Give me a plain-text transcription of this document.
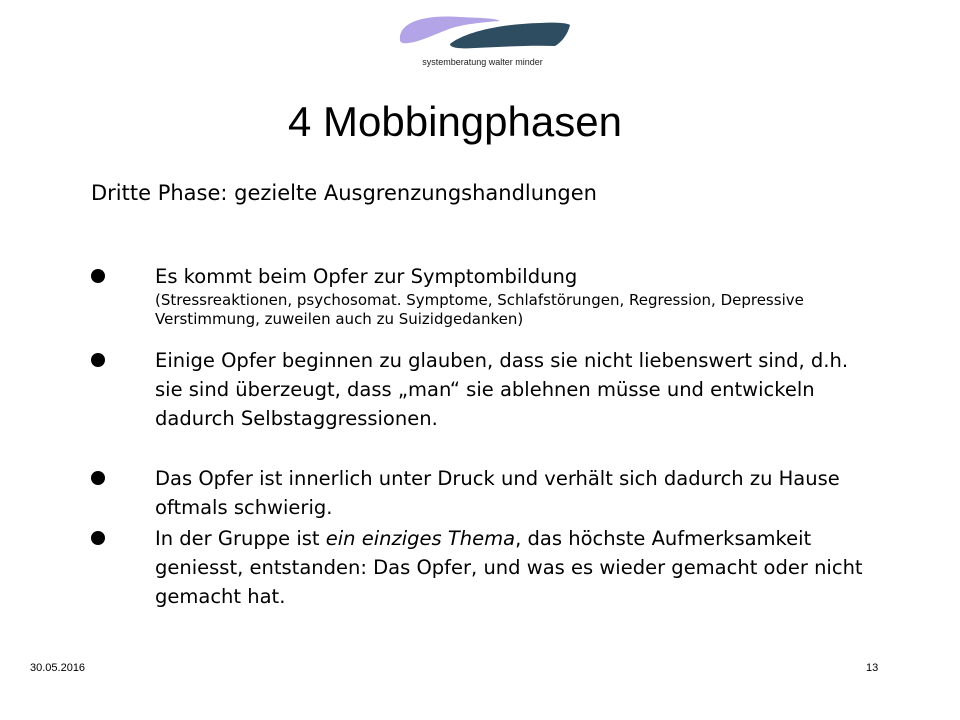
systemberatung walter minder
4 Mobbingphasen
Dritte Phase: gezielte Ausgrenzungshandlungen
Es kommt beim Opfer zur Symptombildung
(Stressreaktionen, psychosomat. Symptome, Schlafstörungen, Regression, Depressive Verstimmung, zuweilen auch zu Suizidgedanken)
Einige Opfer beginnen zu glauben, dass sie nicht liebenswert sind, d.h. sie sind überzeugt, dass „man“ sie ablehnen müsse und entwickeln dadurch Selbstaggressionen.
Das Opfer ist innerlich unter Druck und verhält sich dadurch zu Hause oftmals schwierig.
In der Gruppe ist ein einziges Thema, das höchste Aufmerksamkeit geniesst, entstanden: Das Opfer, und was es wieder gemacht oder nicht gemacht hat.
30.05.2016	13
